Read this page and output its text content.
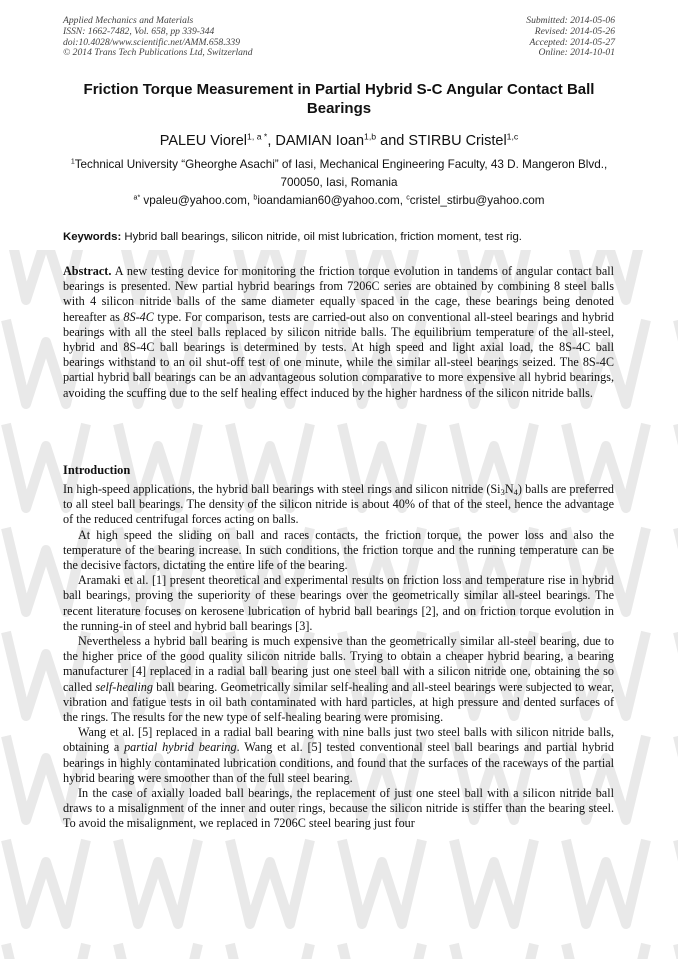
Applied Mechanics and Materials
ISSN: 1662-7482, Vol. 658, pp 339-344
doi:10.4028/www.scientific.net/AMM.658.339
© 2014 Trans Tech Publications Ltd, Switzerland
Submitted: 2014-05-06
Revised: 2014-05-26
Accepted: 2014-05-27
Online: 2014-10-01
Friction Torque Measurement in Partial Hybrid S-C Angular Contact Ball Bearings
PALEU Viorel$^{1, a *}$, DAMIAN Ioan$^{1,b}$ and STIRBU Cristel$^{1,c}$
$^1$Technical University “Gheorghe Asachi” of Iasi, Mechanical Engineering Faculty, 43 D. Mangeron Blvd., 700050, Iasi, Romania
$^{a*}$ vpaleu@yahoo.com, $^b$ioandamian60@yahoo.com, $^c$cristel_stirbu@yahoo.com
Keywords: Hybrid ball bearings, silicon nitride, oil mist lubrication, friction moment, test rig.

Abstract. A new testing device for monitoring the friction torque evolution in tandems of angular contact ball bearings is presented. New partial hybrid bearings from 7206C series are obtained by combining 8 steel balls with 4 silicon nitride balls of the same diameter equally spaced in the cage, these bearings being denoted hereafter as 8S-4C type. For comparison, tests are carried-out also on conventional all-steel bearings and hybrid bearings with all the steel balls replaced by silicon nitride balls. The equilibrium temperature of the all-steel, hybrid and 8S-4C ball bearings is determined by tests. At high speed and light axial load, the 8S-4C ball bearings withstand to an oil shut-off test of one minute, while the similar all-steel bearings seized. The 8S-4C partial hybrid ball bearings can be an advantageous solution comparative to more expensive all hybrid bearings, avoiding the scuffing due to the self healing effect induced by the higher hardness of the silicon nitride balls.

Introduction

In high-speed applications, the hybrid ball bearings with steel rings and silicon nitride $(Si_3N_4)$ balls are preferred to all steel ball bearings. The density of the silicon nitride is about 40% of that of the steel, hence the advantage of the reduced centrifugal forces acting on balls.

At high speed the sliding on ball and races contacts, the friction torque, the power loss and also the temperature of the bearing increase. In such conditions, the friction torque and the running temperature can be the decisive factors, dictating the entire life of the bearing.

Aramaki et al. [1] present theoretical and experimental results on friction loss and temperature rise in hybrid ball bearings, proving the superiority of these bearings over the geometrically similar all-steel bearings. The recent literature focuses on kerosene lubrication of hybrid ball bearings [2], and on friction torque evolution in the running-in of steel and hybrid ball bearings [3].

Nevertheless a hybrid ball bearing is much expensive than the geometrically similar all-steel bearing, due to the higher price of the good quality silicon nitride balls. Trying to obtain a cheaper hybrid bearing, a bearing manufacturer [4] replaced in a radial ball bearing just one steel ball with a silicon nitride one, obtaining the so called self-healing ball bearing. Geometrically similar self-healing and all-steel bearings were subjected to wear, vibration and fatigue tests in oil bath contaminated with hard particles, at high pressure and dented surfaces of the rings. The results for the new type of self-healing bearing were promising.

Wang et al. [5] replaced in a radial ball bearing with nine balls just two steel balls with silicon nitride balls, obtaining a partial hybrid bearing. Wang et al. [5] tested conventional steel ball bearings and partial hybrid bearings in highly contaminated lubrication conditions, and found that the surfaces of the raceways of the partial hybrid bearing were smoother than of the full steel bearing.

In the case of axially loaded ball bearings, the replacement of just one steel ball with a silicon nitride ball draws to a misalignment of the inner and outer rings, because the silicon nitride is stiffer than the bearing steel. To avoid the misalignment, we replaced in 7206C steel bearing just four
